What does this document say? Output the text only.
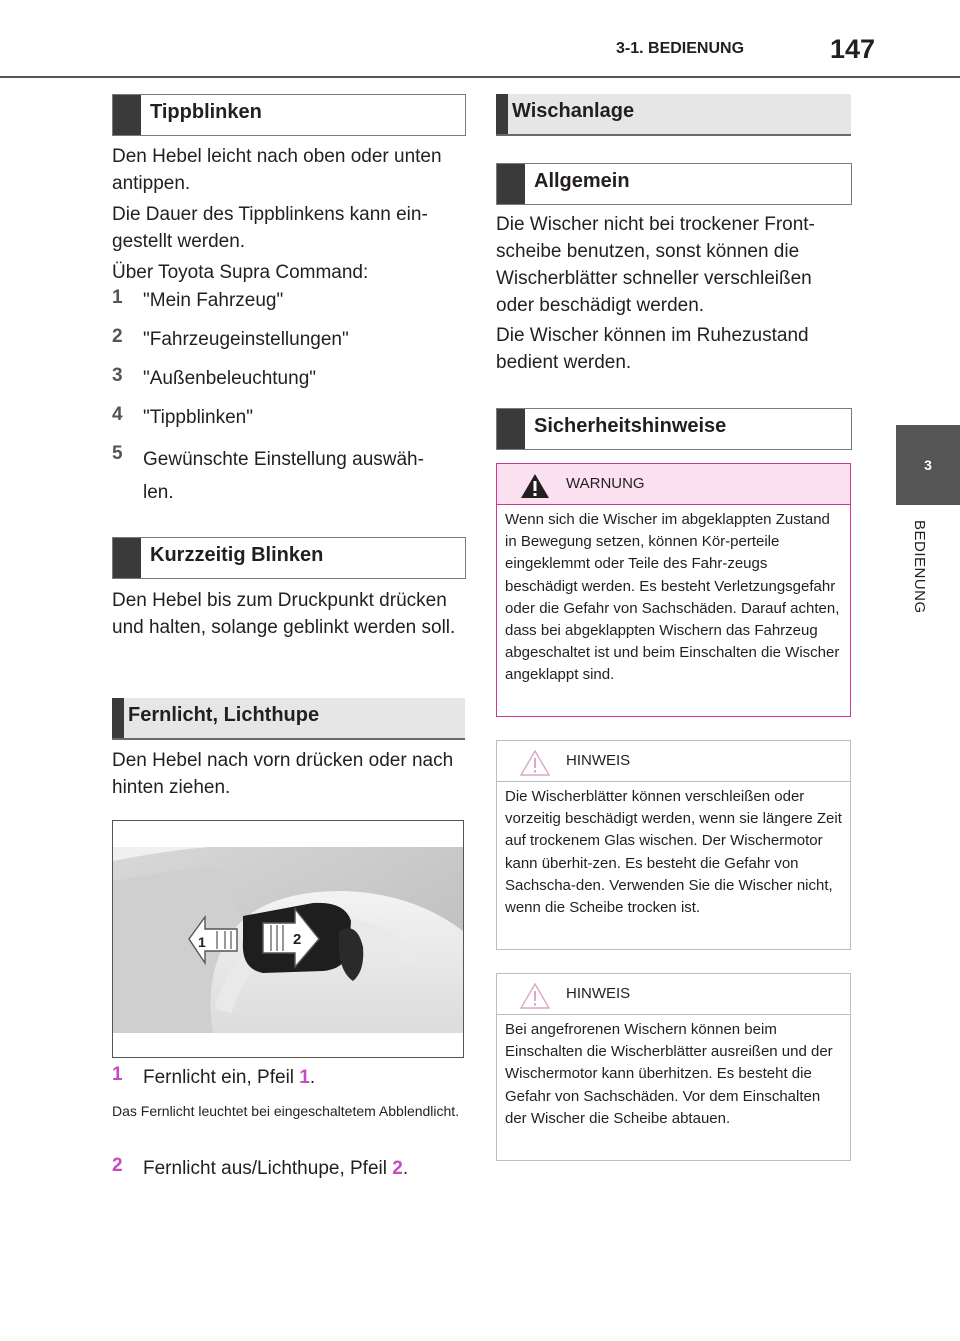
3-1. BEDIENUNG	147
3
BEDIENUNG
Tippblinken
Den Hebel leicht nach oben oder unten antippen.
Die Dauer des Tippblinkens kann ein-gestellt werden.
Über Toyota Supra Command:
1 "Mein Fahrzeug"
2 "Fahrzeugeinstellungen"
3 "Außenbeleuchtung"
4 "Tippblinken"
5 Gewünschte Einstellung auswäh-len.
Kurzzeitig Blinken
Den Hebel bis zum Druckpunkt drücken und halten, solange geblinkt werden soll.
Fernlicht, Lichthupe
Den Hebel nach vorn drücken oder nach hinten ziehen.
1	2
1 Fernlicht ein, Pfeil 1.
Das Fernlicht leuchtet bei eingeschaltetem Abblendlicht.
2 Fernlicht aus/Lichthupe, Pfeil 2.
Wischanlage
Allgemein
Die Wischer nicht bei trockener Front-scheibe benutzen, sonst können die Wischerblätter schneller verschleißen oder beschädigt werden.
Die Wischer können im Ruhezustand bedient werden.
Sicherheitshinweise
WARNUNG
Wenn sich die Wischer im abgeklappten Zustand in Bewegung setzen, können Kör-perteile eingeklemmt oder Teile des Fahr-zeugs beschädigt werden. Es besteht Verletzungsgefahr oder die Gefahr von Sachschäden. Darauf achten, dass bei abgeklappten Wischern das Fahrzeug abgeschaltet ist und beim Einschalten die Wischer angeklappt sind.
HINWEIS
Die Wischerblätter können verschleißen oder vorzeitig beschädigt werden, wenn sie längere Zeit auf trockenem Glas wischen. Der Wischermotor kann überhit-zen. Es besteht die Gefahr von Sachscha-den. Verwenden Sie die Wischer nicht, wenn die Scheibe trocken ist.
HINWEIS
Bei angefrorenen Wischern können beim Einschalten die Wischerblätter ausreißen und der Wischermotor kann überhitzen. Es besteht die Gefahr von Sachschäden. Vor dem Einschalten der Wischer die Scheibe abtauen.
